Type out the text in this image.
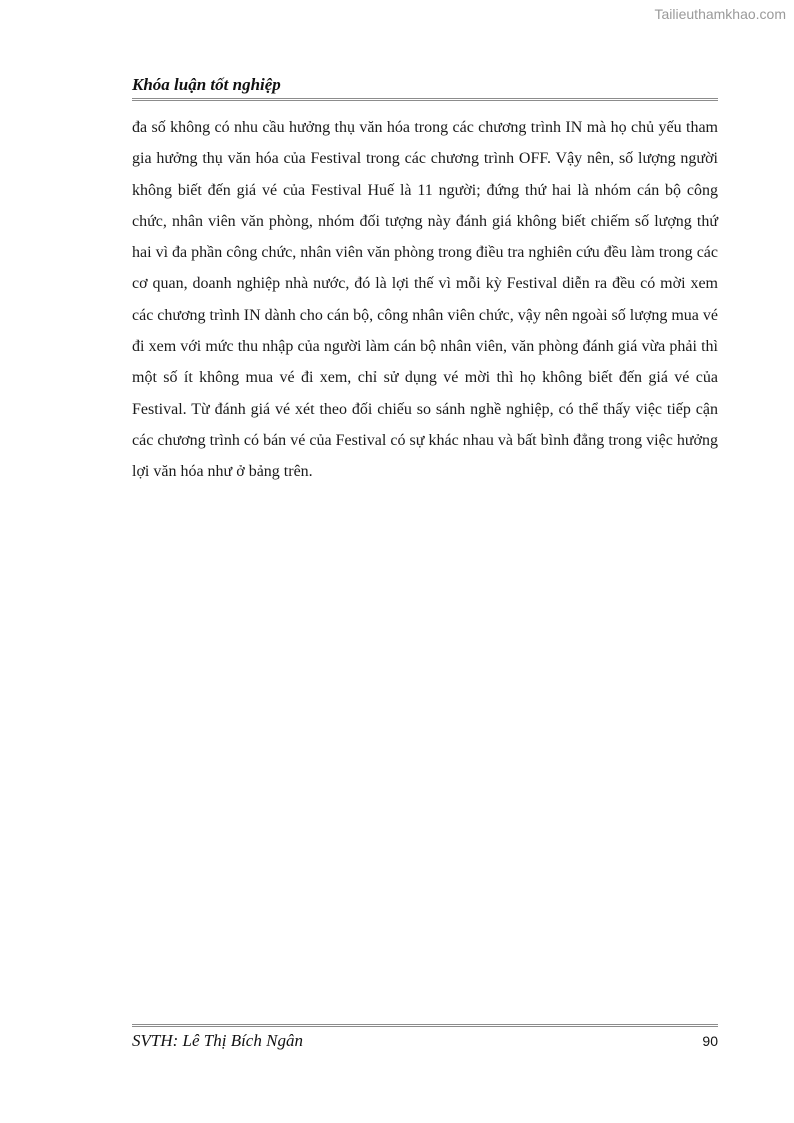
Tailieuthamkhao.com
Khóa luận tốt nghiệp
đa số không có nhu cầu hưởng thụ văn hóa trong các chương trình IN mà họ chủ yếu tham gia hưởng thụ văn hóa của Festival trong các chương trình OFF. Vậy nên, số lượng người không biết đến giá vé của Festival Huế là 11 người; đứng thứ hai là nhóm cán bộ công chức, nhân viên văn phòng, nhóm đối tượng này đánh giá không biết chiếm số lượng thứ hai vì đa phần công chức, nhân viên văn phòng trong điều tra nghiên cứu đều làm trong các cơ quan, doanh nghiệp nhà nước, đó là lợi thế vì mỗi kỳ Festival diễn ra đều có mời xem các chương trình IN dành cho cán bộ, công nhân viên chức, vậy nên ngoài số lượng mua vé đi xem với mức thu nhập của người làm cán bộ nhân viên, văn phòng đánh giá vừa phải thì một số ít không mua vé đi xem, chỉ sử dụng vé mời thì họ không biết đến giá vé của Festival. Từ đánh giá vé xét theo đối chiếu so sánh nghề nghiệp, có thể thấy việc tiếp cận các chương trình có bán vé của Festival có sự khác nhau và bất bình đẳng trong việc hưởng lợi văn hóa như ở bảng trên.
SVTH: Lê Thị Bích Ngân	90
